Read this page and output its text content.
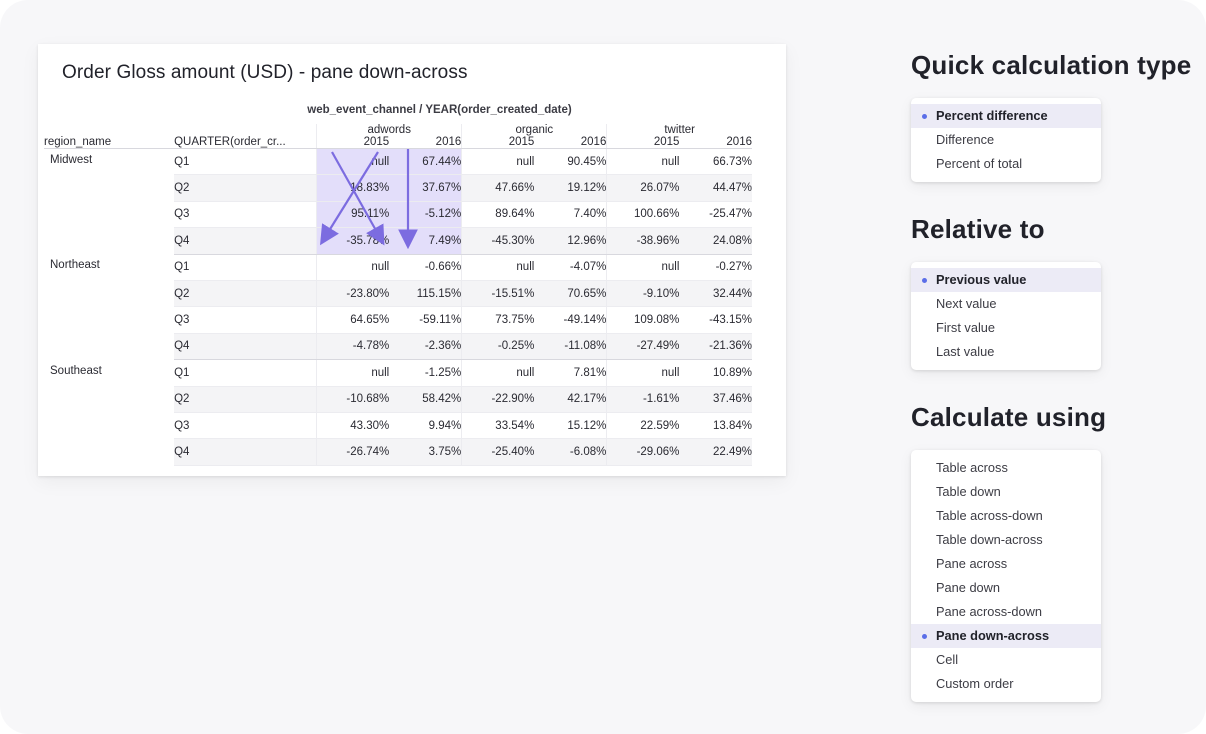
Order Gloss amount (USD) - pane down-across
web_event_channel / YEAR(order_created_date)
		adwords		organic		twitter	
region_name	QUARTER(order_cr...	2015	2016	2015	2016	2015	2016
Midwest	Q1	null	67.44%	null	90.45%	null	66.73%
	Q2	18.83%	37.67%	47.66%	19.12%	26.07%	44.47%
	Q3	95.11%	-5.12%	89.64%	7.40%	100.66%	-25.47%
	Q4	-35.78%	7.49%	-45.30%	12.96%	-38.96%	24.08%
Northeast	Q1	null	-0.66%	null	-4.07%	null	-0.27%
	Q2	-23.80%	115.15%	-15.51%	70.65%	-9.10%	32.44%
	Q3	64.65%	-59.11%	73.75%	-49.14%	109.08%	-43.15%
	Q4	-4.78%	-2.36%	-0.25%	-11.08%	-27.49%	-21.36%
Southeast	Q1	null	-1.25%	null	7.81%	null	10.89%
	Q2	-10.68%	58.42%	-22.90%	42.17%	-1.61%	37.46%
	Q3	43.30%	9.94%	33.54%	15.12%	22.59%	13.84%
	Q4	-26.74%	3.75%	-25.40%	-6.08%	-29.06%	22.49%
Quick calculation type
Percent difference
Difference
Percent of total
Relative to
Previous value
Next value
First value
Last value
Calculate using
Table across
Table down
Table across-down
Table down-across
Pane across
Pane down
Pane across-down
Pane down-across
Cell
Custom order
